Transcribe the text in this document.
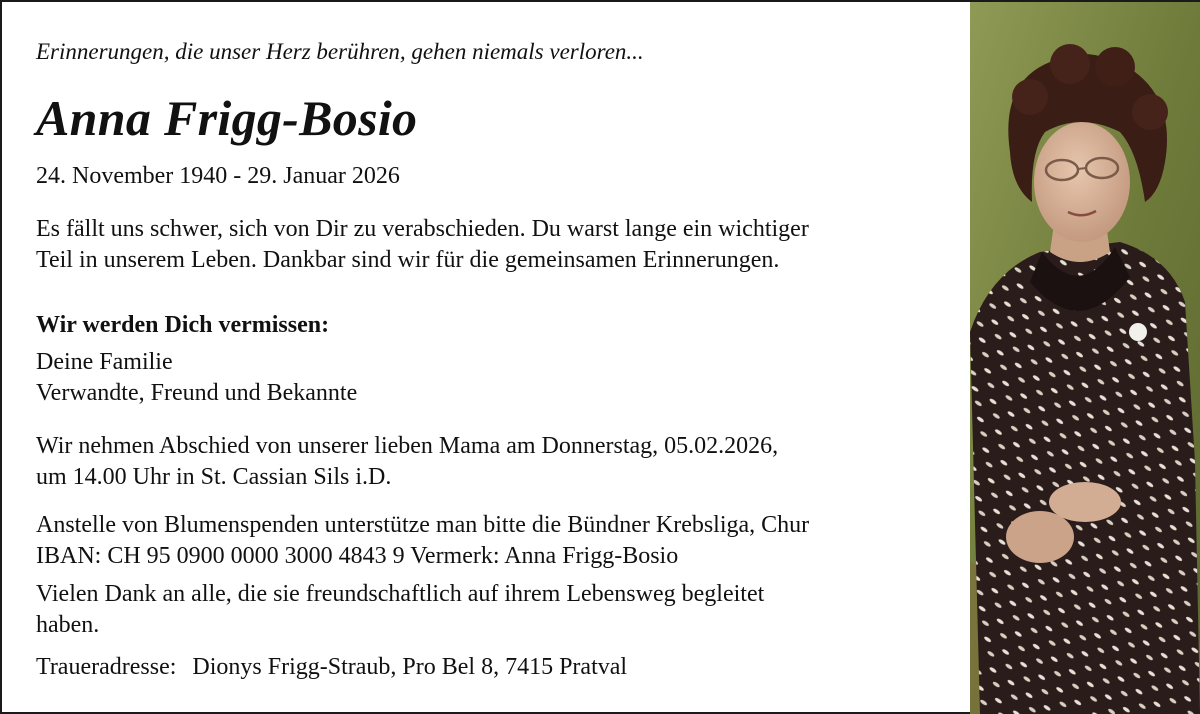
Erinnerungen, die unser Herz berühren, gehen niemals verloren...
Anna Frigg-Bosio
24. November 1940 - 29. Januar 2026
Es fällt uns schwer, sich von Dir zu verabschieden. Du warst lange ein wichtiger
Teil in unserem Leben. Dankbar sind wir für die gemeinsamen Erinnerungen.
Wir werden Dich vermissen:
Deine Familie
Verwandte, Freund und Bekannte
Wir nehmen Abschied von unserer lieben Mama am Donnerstag, 05.02.2026,
um 14.00 Uhr in St. Cassian Sils i.D.
Anstelle von Blumenspenden unterstütze man bitte die Bündner Krebsliga, Chur
IBAN: CH 95 0900 0000 3000 4843 9 Vermerk: Anna Frigg-Bosio
Vielen Dank an alle, die sie freundschaftlich auf ihrem Lebensweg begleitet
haben.
Traueradresse: Dionys Frigg-Straub, Pro Bel 8, 7415 Pratval
